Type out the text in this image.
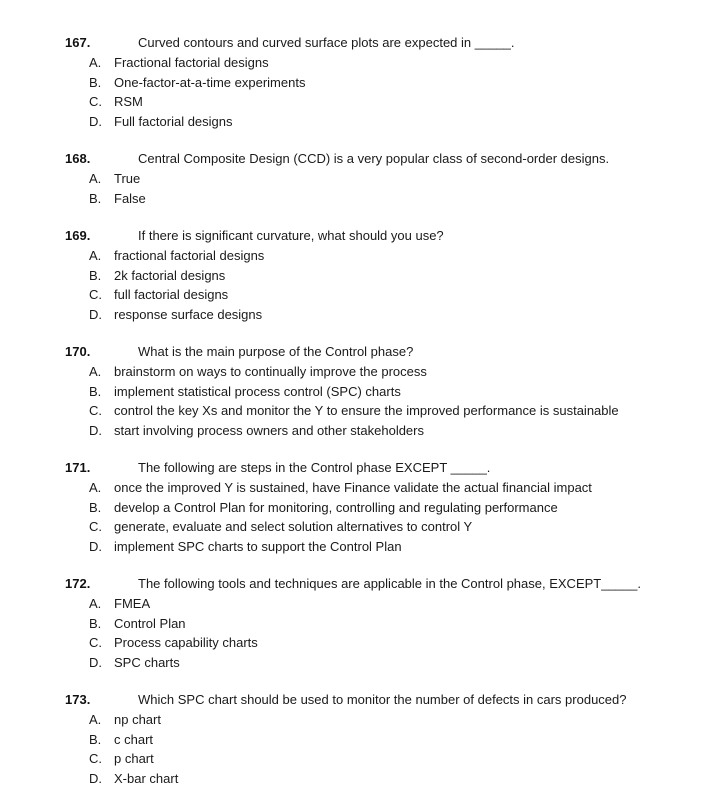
167.	Curved contours and curved surface plots are expected in _____.
A. Fractional factorial designs
B. One-factor-at-a-time experiments
C. RSM
D. Full factorial designs
168.	Central Composite Design (CCD) is a very popular class of second-order designs.
A. True
B. False
169.	If there is significant curvature, what should you use?
A. fractional factorial designs
B. 2k factorial designs
C. full factorial designs
D. response surface designs
170.	What is the main purpose of the Control phase?
A. brainstorm on ways to continually improve the process
B. implement statistical process control (SPC) charts
C. control the key Xs and monitor the Y to ensure the improved performance is sustainable
D. start involving process owners and other stakeholders
171.	The following are steps in the Control phase EXCEPT _____.
A. once the improved Y is sustained, have Finance validate the actual financial impact
B. develop a Control Plan for monitoring, controlling and regulating performance
C. generate, evaluate and select solution alternatives to control Y
D. implement SPC charts to support the Control Plan
172.	The following tools and techniques are applicable in the Control phase, EXCEPT_____.
A. FMEA
B. Control Plan
C. Process capability charts
D. SPC charts
173.	Which SPC chart should be used to monitor the number of defects in cars produced?
A. np chart
B. c chart
C. p chart
D. X-bar chart
